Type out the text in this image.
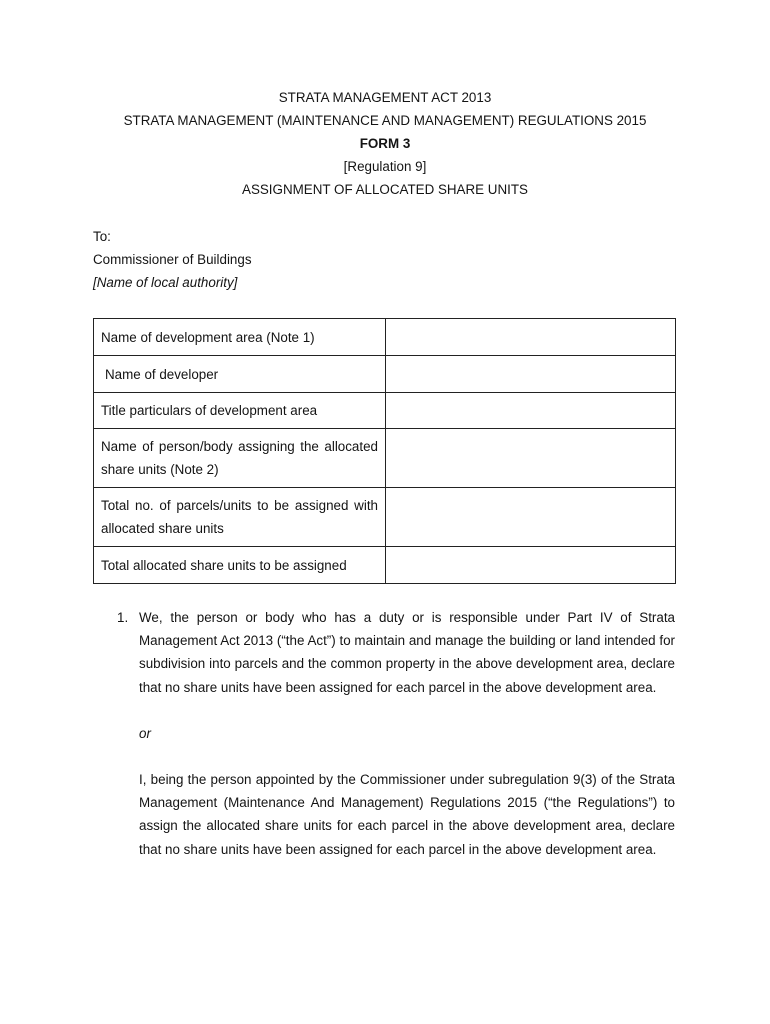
STRATA MANAGEMENT ACT 2013
STRATA MANAGEMENT (MAINTENANCE AND MANAGEMENT) REGULATIONS 2015
FORM 3
[Regulation 9]
ASSIGNMENT OF ALLOCATED SHARE UNITS
To:
Commissioner of Buildings
[Name of local authority]
Name of development area (Note 1)	
Name of developer	
Title particulars of development area	
Name of person/body assigning the allocated share units (Note 2)	
Total no. of parcels/units to be assigned with allocated share units	
Total allocated share units to be assigned	
1. We, the person or body who has a duty or is responsible under Part IV of Strata Management Act 2013 (“the Act”) to maintain and manage the building or land intended for subdivision into parcels and the common property in the above development area, declare that no share units have been assigned for each parcel in the above development area.
or
I, being the person appointed by the Commissioner under subregulation 9(3) of the Strata Management (Maintenance And Management) Regulations 2015 (“the Regulations”) to assign the allocated share units for each parcel in the above development area, declare that no share units have been assigned for each parcel in the above development area.
